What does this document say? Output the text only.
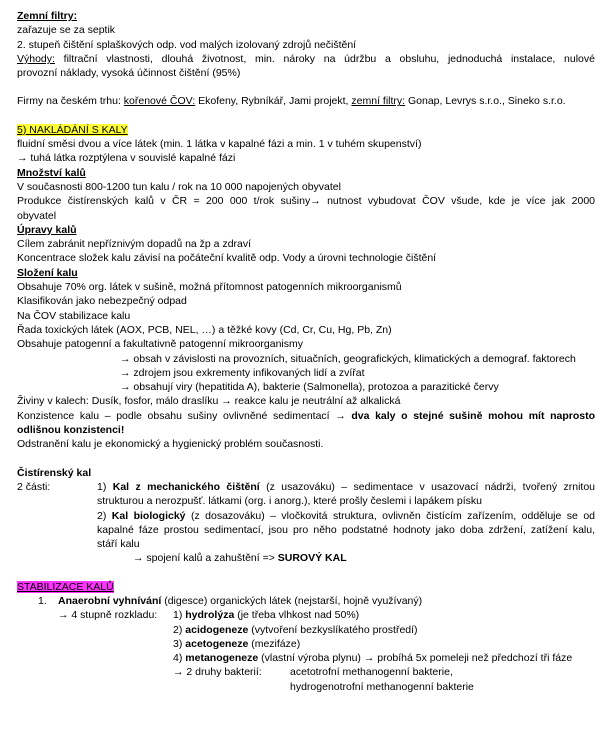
Zemní filtry:
zařazuje se za septik
2. stupeň čištění splaškových odp. vod malých izolovaný zdrojů nečištění
Výhody: filtrační vlastnosti, dlouhá životnost, min. nároky na údržbu a obsluhu, jednoduchá instalace, nulové
provozní náklady, vysoká účinnost čištění (95%)
Firmy na českém trhu: kořenové ČOV: Ekofeny, Rybníkář, Jami projekt, zemní filtry: Gonap, Levrys s.r.o., Sineko s.r.o.
5) NAKLÁDÁNÍ S KALY
fluidní směsi dvou a více látek (min. 1 látka v kapalné fázi a min. 1 v tuhém skupenství)
→ tuhá látka rozptýlena v souvislé kapalné fázi
Množství kalů
V současnosti 800-1200 tun kalu / rok na 10 000 napojených obyvatel
Produkce čistírenských kalů v ČR = 200 000 t/rok sušiny→ nutnost vybudovat ČOV všude, kde je více jak 2000
obyvatel
Úpravy kalů
Cílem zabránit nepříznivým dopadů na žp a zdraví
Koncentrace složek kalu závisí na počáteční kvalitě odp. Vody a úrovni technologie čištění
Složení kalu
Obsahuje 70% org. látek v sušině, možná přítomnost patogenních mikroorganismů
Klasifikován jako nebezpečný odpad
Na ČOV stabilizace kalu
Řada toxických látek (AOX, PCB, NEL, …) a těžké kovy (Cd, Cr, Cu, Hg, Pb, Zn)
Obsahuje patogenní a fakultativně patogenní mikroorganismy
→ obsah v závislosti na provozních, situačních, geografických, klimatických a demograf. faktorech
→ zdrojem jsou exkrementy infikovaných lidí a zvířat
→ obsahují viry (hepatitida A), bakterie (Salmonella), protozoa a parazitické červy
Živiny v kalech: Dusík, fosfor, málo draslíku → reakce kalu je neutrální až alkalická
Konzistence kalu – podle obsahu sušiny ovlivněné sedimentací → dva kaly o stejné sušině mohou mít naprosto
odlišnou konzistenci!
Odstranění kalu je ekonomický a hygienický problém současnosti.
Čistírenský kal
2 části:	1) Kal z mechanického čištění (z usazováku) – sedimentace v usazovací nádrži, tvořený zrnitou
strukturou a nerozpušť. látkami (org. i anorg.), které prošly česlemi i lapákem písku
2) Kal biologický (z dosazováku) – vločkovitá struktura, ovlivněn čistícím zařízením, odděluje se od
kapalné fáze prostou sedimentací, jsou pro něho podstatné hodnoty jako doba zdržení, zatížení kalu,
stáří kalu
→ spojení kalů a zahuštění => SUROVÝ KAL
STABILIZACE KALŮ
1.	Anaerobní vyhnívání (digesce) organických látek (nejstarší, hojně využívaný)
→ 4 stupně rozkladu:	1) hydrolýza (je třeba vlhkost nad 50%)
2) acidogeneze (vytvoření bezkyslíkatého prostředí)
3) acetogeneze (mezifáze)
4) metanogeneze (vlastní výroba plynu) → probíhá 5x pomeleji než předchozí tři fáze
→ 2 druhy bakterií:	acetotrofní methanogenní bakterie,
hydrogenotrofní methanogenní bakterie
